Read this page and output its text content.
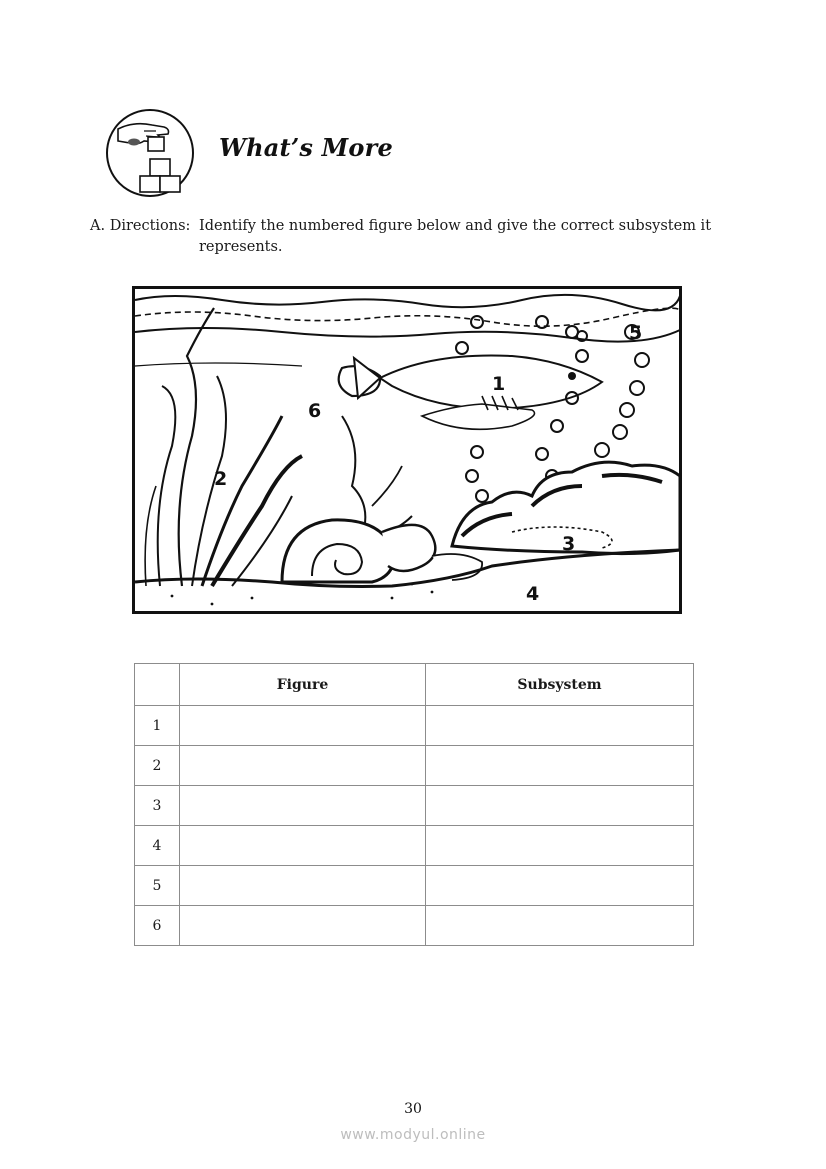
What’s More
A. Directions: Identify the numbered figure below and give the correct subsystem it represents.
1
2
3
4
5
6
	Figure	Subsystem
1		
2		
3		
4		
5		
6		
30
www.modyul.online
